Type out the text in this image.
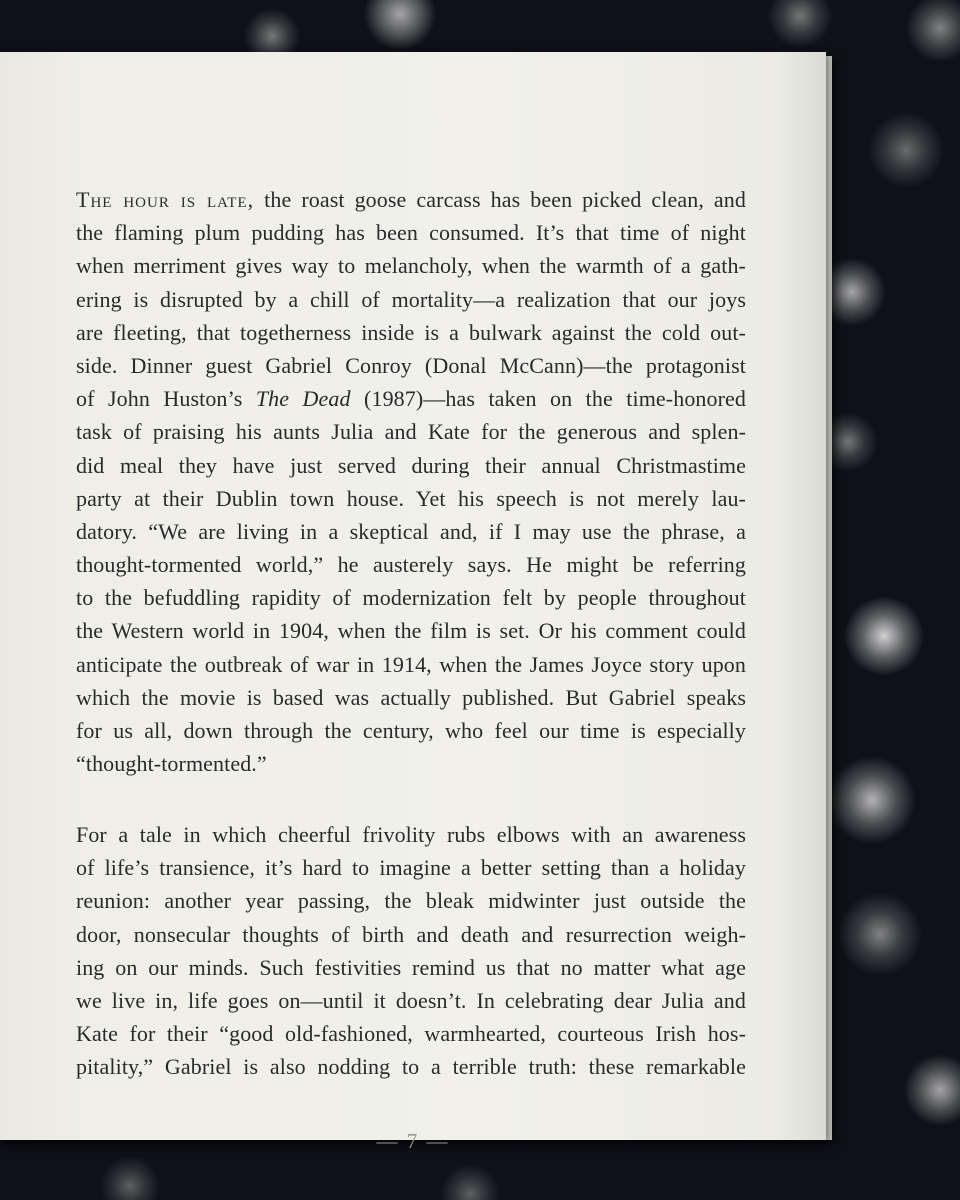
The hour is late, the roast goose carcass has been picked clean, and
the flaming plum pudding has been consumed. It’s that time of night
when merriment gives way to melancholy, when the warmth of a gath-
ering is disrupted by a chill of mortality—a realization that our joys
are fleeting, that togetherness inside is a bulwark against the cold out-
side. Dinner guest Gabriel Conroy (Donal McCann)—the protagonist
of John Huston’s The Dead (1987)—has taken on the time-honored
task of praising his aunts Julia and Kate for the generous and splen-
did meal they have just served during their annual Christmastime
party at their Dublin town house. Yet his speech is not merely lau-
datory. “We are living in a skeptical and, if I may use the phrase, a
thought-tormented world,” he austerely says. He might be referring
to the befuddling rapidity of modernization felt by people throughout
the Western world in 1904, when the film is set. Or his comment could
anticipate the outbreak of war in 1914, when the James Joyce story upon
which the movie is based was actually published. But Gabriel speaks
for us all, down through the century, who feel our time is especially
“thought-tormented.”
For a tale in which cheerful frivolity rubs elbows with an awareness
of life’s transience, it’s hard to imagine a better setting than a holiday
reunion: another year passing, the bleak midwinter just outside the
door, nonsecular thoughts of birth and death and resurrection weigh-
ing on our minds. Such festivities remind us that no matter what age
we live in, life goes on—until it doesn’t. In celebrating dear Julia and
Kate for their “good old-fashioned, warmhearted, courteous Irish hos-
pitality,” Gabriel is also nodding to a terrible truth: these remarkable
— 7 —
